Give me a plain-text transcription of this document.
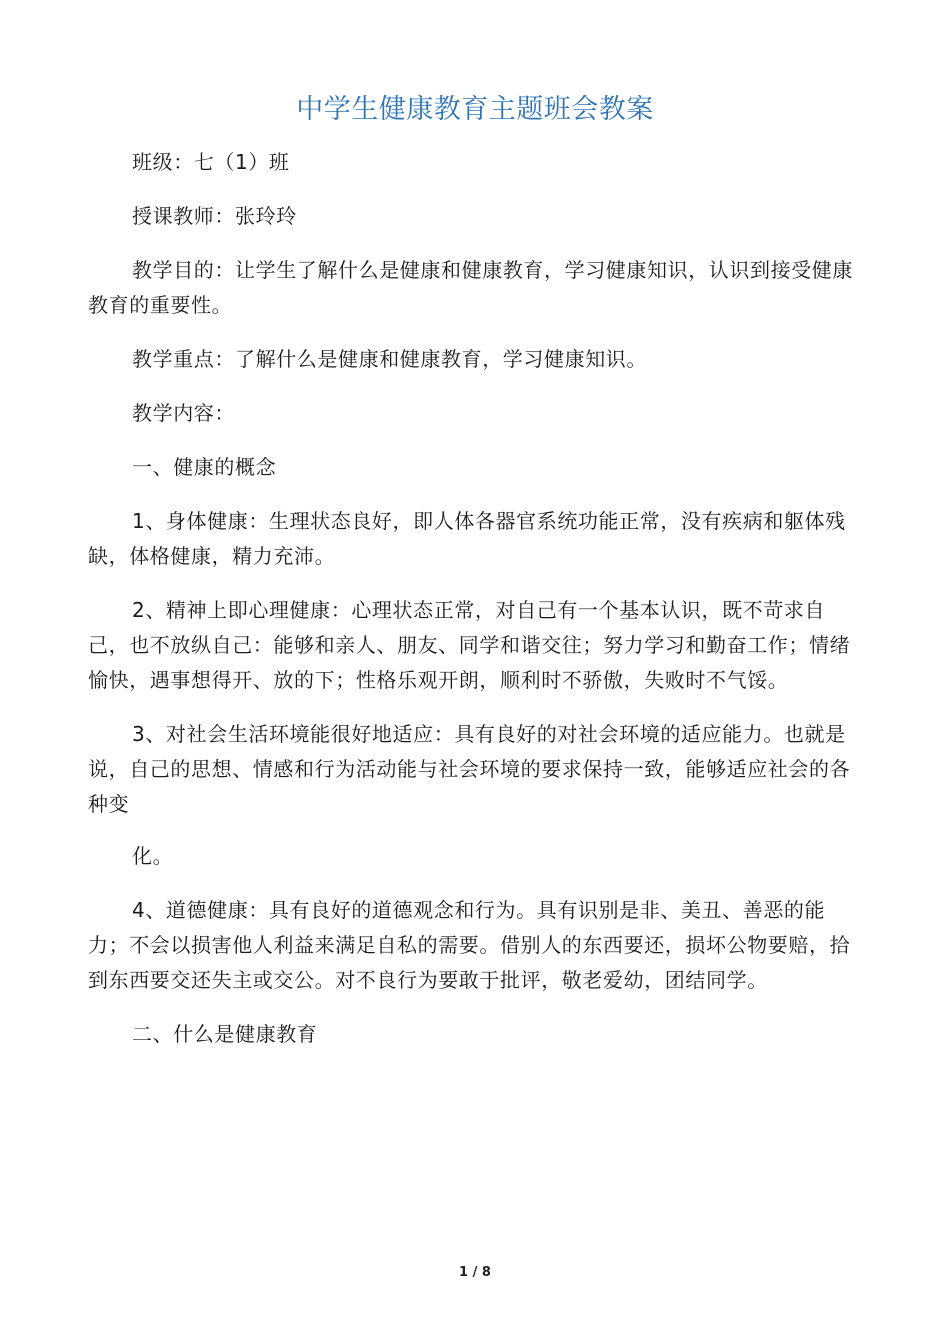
中学生健康教育主题班会教案

班级：七（1）班

授课教师：张玲玲

教学目的：让学生了解什么是健康和健康教育，学习健康知识，认识到接受健康教育的重要性。

教学重点：了解什么是健康和健康教育，学习健康知识。

教学内容：

一、健康的概念

1、身体健康：生理状态良好，即人体各器官系统功能正常，没有疾病和躯体残缺，体格健康，精力充沛。

2、精神上即心理健康：心理状态正常，对自己有一个基本认识，既不苛求自己，也不放纵自己：能够和亲人、朋友、同学和谐交往；努力学习和勤奋工作；情绪愉快，遇事想得开、放的下；性格乐观开朗，顺利时不骄傲，失败时不气馁。

3、对社会生活环境能很好地适应：具有良好的对社会环境的适应能力。也就是说，自己的思想、情感和行为活动能与社会环境的要求保持一致，能够适应社会的各种变

化。

4、道德健康：具有良好的道德观念和行为。具有识别是非、美丑、善恶的能力；不会以损害他人利益来满足自私的需要。借别人的东西要还，损坏公物要赔，拾到东西要交还失主或交公。对不良行为要敢于批评，敬老爱幼，团结同学。

二、什么是健康教育

1 / 8
